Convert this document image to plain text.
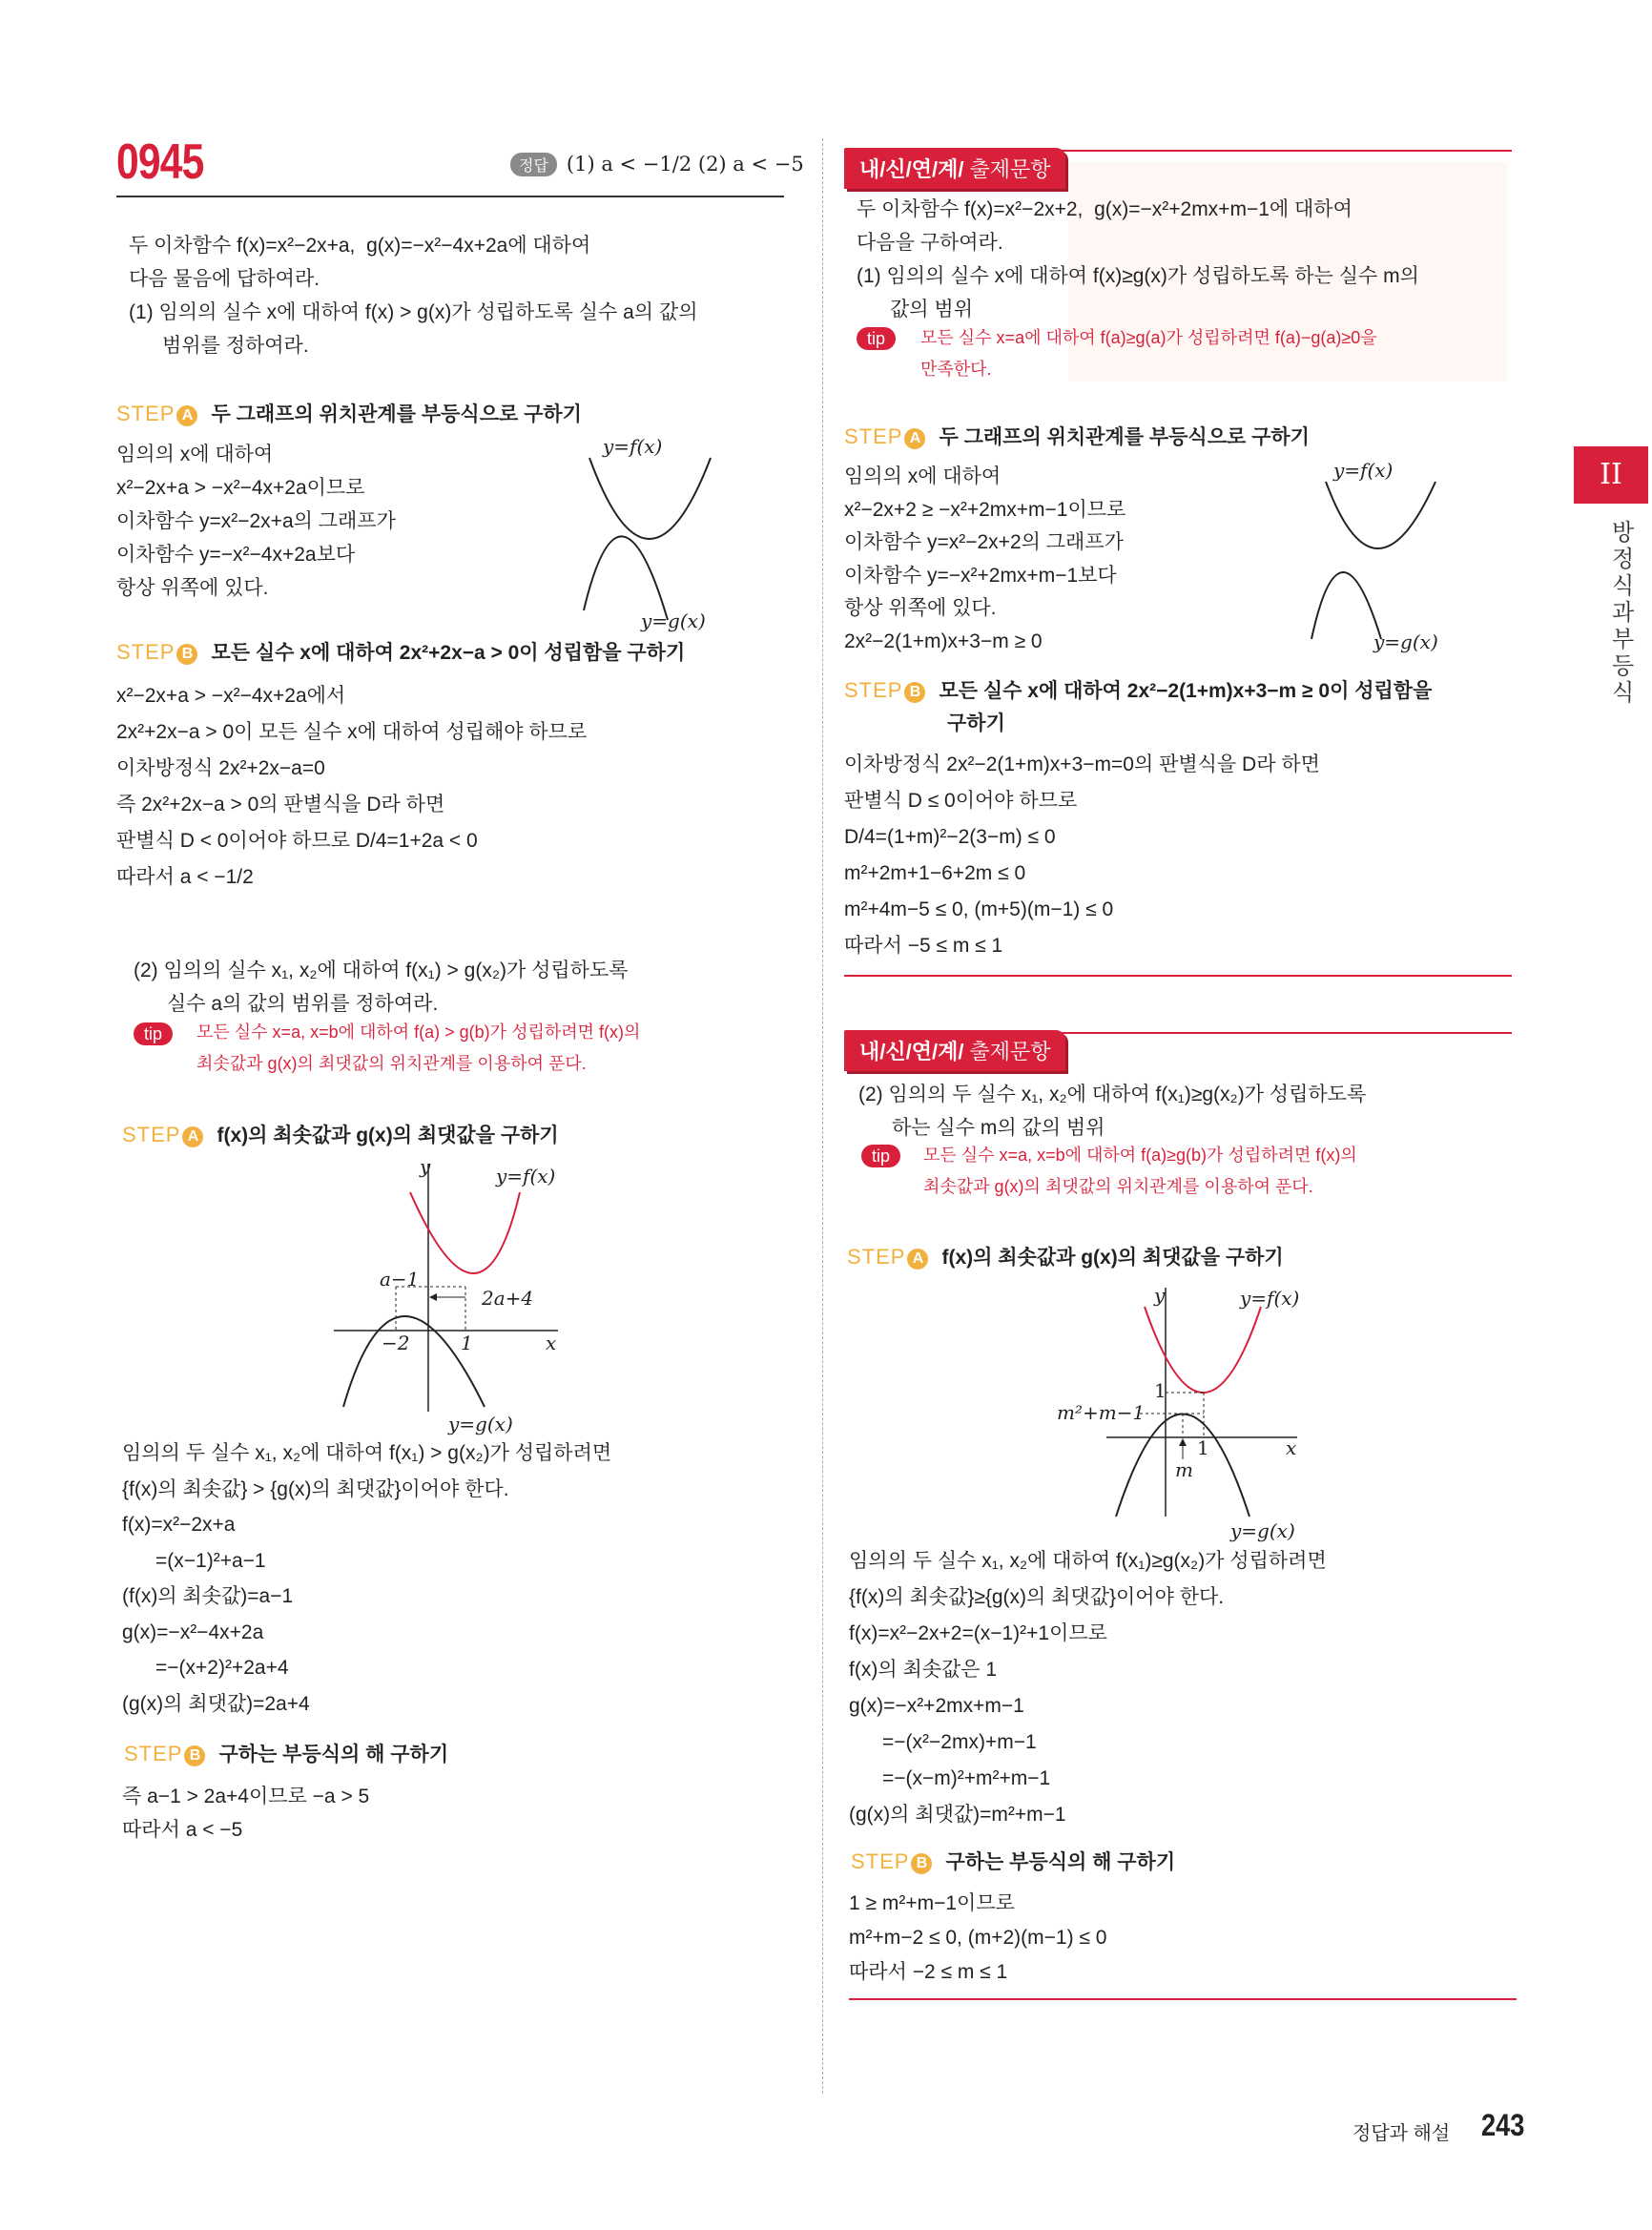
0945	정답 (1) a < −1/2 (2) a < −5
두 이차함수 f(x)=x²−2x+a,  g(x)=−x²−4x+2a에 대하여
다음 물음에 답하여라.
(1) 임의의 실수 x에 대하여 f(x) > g(x)가 성립하도록 실수 a의 값의
범위를 정하여라.
STEP A 두 그래프의 위치관계를 부등식으로 구하기
임의의 x에 대하여
x²−2x+a > −x²−4x+2a이므로
이차함수 y=x²−2x+a의 그래프가
이차함수 y=−x²−4x+2a보다
항상 위쪽에 있다.
y=f(x)
y=g(x)
STEP B 모든 실수 x에 대하여 2x²+2x−a > 0이 성립함을 구하기
x²−2x+a > −x²−4x+2a에서
2x²+2x−a > 0이 모든 실수 x에 대하여 성립해야 하므로
이차방정식 2x²+2x−a=0
즉 2x²+2x−a > 0의 판별식을 D라 하면
판별식 D < 0이어야 하므로 D/4=1+2a < 0
따라서 a < −1/2
(2) 임의의 실수 x₁, x₂에 대하여 f(x₁) > g(x₂)가 성립하도록
실수 a의 값의 범위를 정하여라.
tip	모든 실수 x=a, x=b에 대하여 f(a) > g(b)가 성립하려면 f(x)의
최솟값과 g(x)의 최댓값의 위치관계를 이용하여 푼다.
STEP A f(x)의 최솟값과 g(x)의 최댓값을 구하기
y	y=f(x)
a−1
2a+4
−2	1	x
y=g(x)
임의의 두 실수 x₁, x₂에 대하여 f(x₁) > g(x₂)가 성립하려면
{f(x)의 최솟값} > {g(x)의 최댓값}이어야 한다.
f(x)=x²−2x+a
=(x−1)²+a−1
(f(x)의 최솟값)=a−1
g(x)=−x²−4x+2a
=−(x+2)²+2a+4
(g(x)의 최댓값)=2a+4
STEP B 구하는 부등식의 해 구하기
즉 a−1 > 2a+4이므로 −a > 5
따라서 a < −5
내/신/연/계/ 출제문항
두 이차함수 f(x)=x²−2x+2,  g(x)=−x²+2mx+m−1에 대하여
다음을 구하여라.
(1) 임의의 실수 x에 대하여 f(x)≥g(x)가 성립하도록 하는 실수 m의
값의 범위
tip	모든 실수 x=a에 대하여 f(a)≥g(a)가 성립하려면 f(a)−g(a)≥0을
만족한다.
STEP A 두 그래프의 위치관계를 부등식으로 구하기
임의의 x에 대하여
x²−2x+2 ≥ −x²+2mx+m−1이므로
이차함수 y=x²−2x+2의 그래프가
이차함수 y=−x²+2mx+m−1보다
항상 위쪽에 있다.
2x²−2(1+m)x+3−m ≥ 0
y=f(x)
y=g(x)
STEP B 모든 실수 x에 대하여 2x²−2(1+m)x+3−m ≥ 0이 성립함을
구하기
이차방정식 2x²−2(1+m)x+3−m=0의 판별식을 D라 하면
판별식 D ≤ 0이어야 하므로
D/4=(1+m)²−2(3−m) ≤ 0
m²+2m+1−6+2m ≤ 0
m²+4m−5 ≤ 0, (m+5)(m−1) ≤ 0
따라서 −5 ≤ m ≤ 1
내/신/연/계/ 출제문항
(2) 임의의 두 실수 x₁, x₂에 대하여 f(x₁)≥g(x₂)가 성립하도록
하는 실수 m의 값의 범위
tip	모든 실수 x=a, x=b에 대하여 f(a)≥g(b)가 성립하려면 f(x)의
최솟값과 g(x)의 최댓값의 위치관계를 이용하여 푼다.
STEP A f(x)의 최솟값과 g(x)의 최댓값을 구하기
y	y=f(x)
1
m²+m−1
1
m
x
y=g(x)
임의의 두 실수 x₁, x₂에 대하여 f(x₁)≥g(x₂)가 성립하려면
{f(x)의 최솟값}≥{g(x)의 최댓값}이어야 한다.
f(x)=x²−2x+2=(x−1)²+1이므로
f(x)의 최솟값은 1
g(x)=−x²+2mx+m−1
=−(x²−2mx)+m−1
=−(x−m)²+m²+m−1
(g(x)의 최댓값)=m²+m−1
STEP B 구하는 부등식의 해 구하기
1 ≥ m²+m−1이므로
m²+m−2 ≤ 0, (m+2)(m−1) ≤ 0
따라서 −2 ≤ m ≤ 1
II
방정식과부등식
정답과 해설 243
